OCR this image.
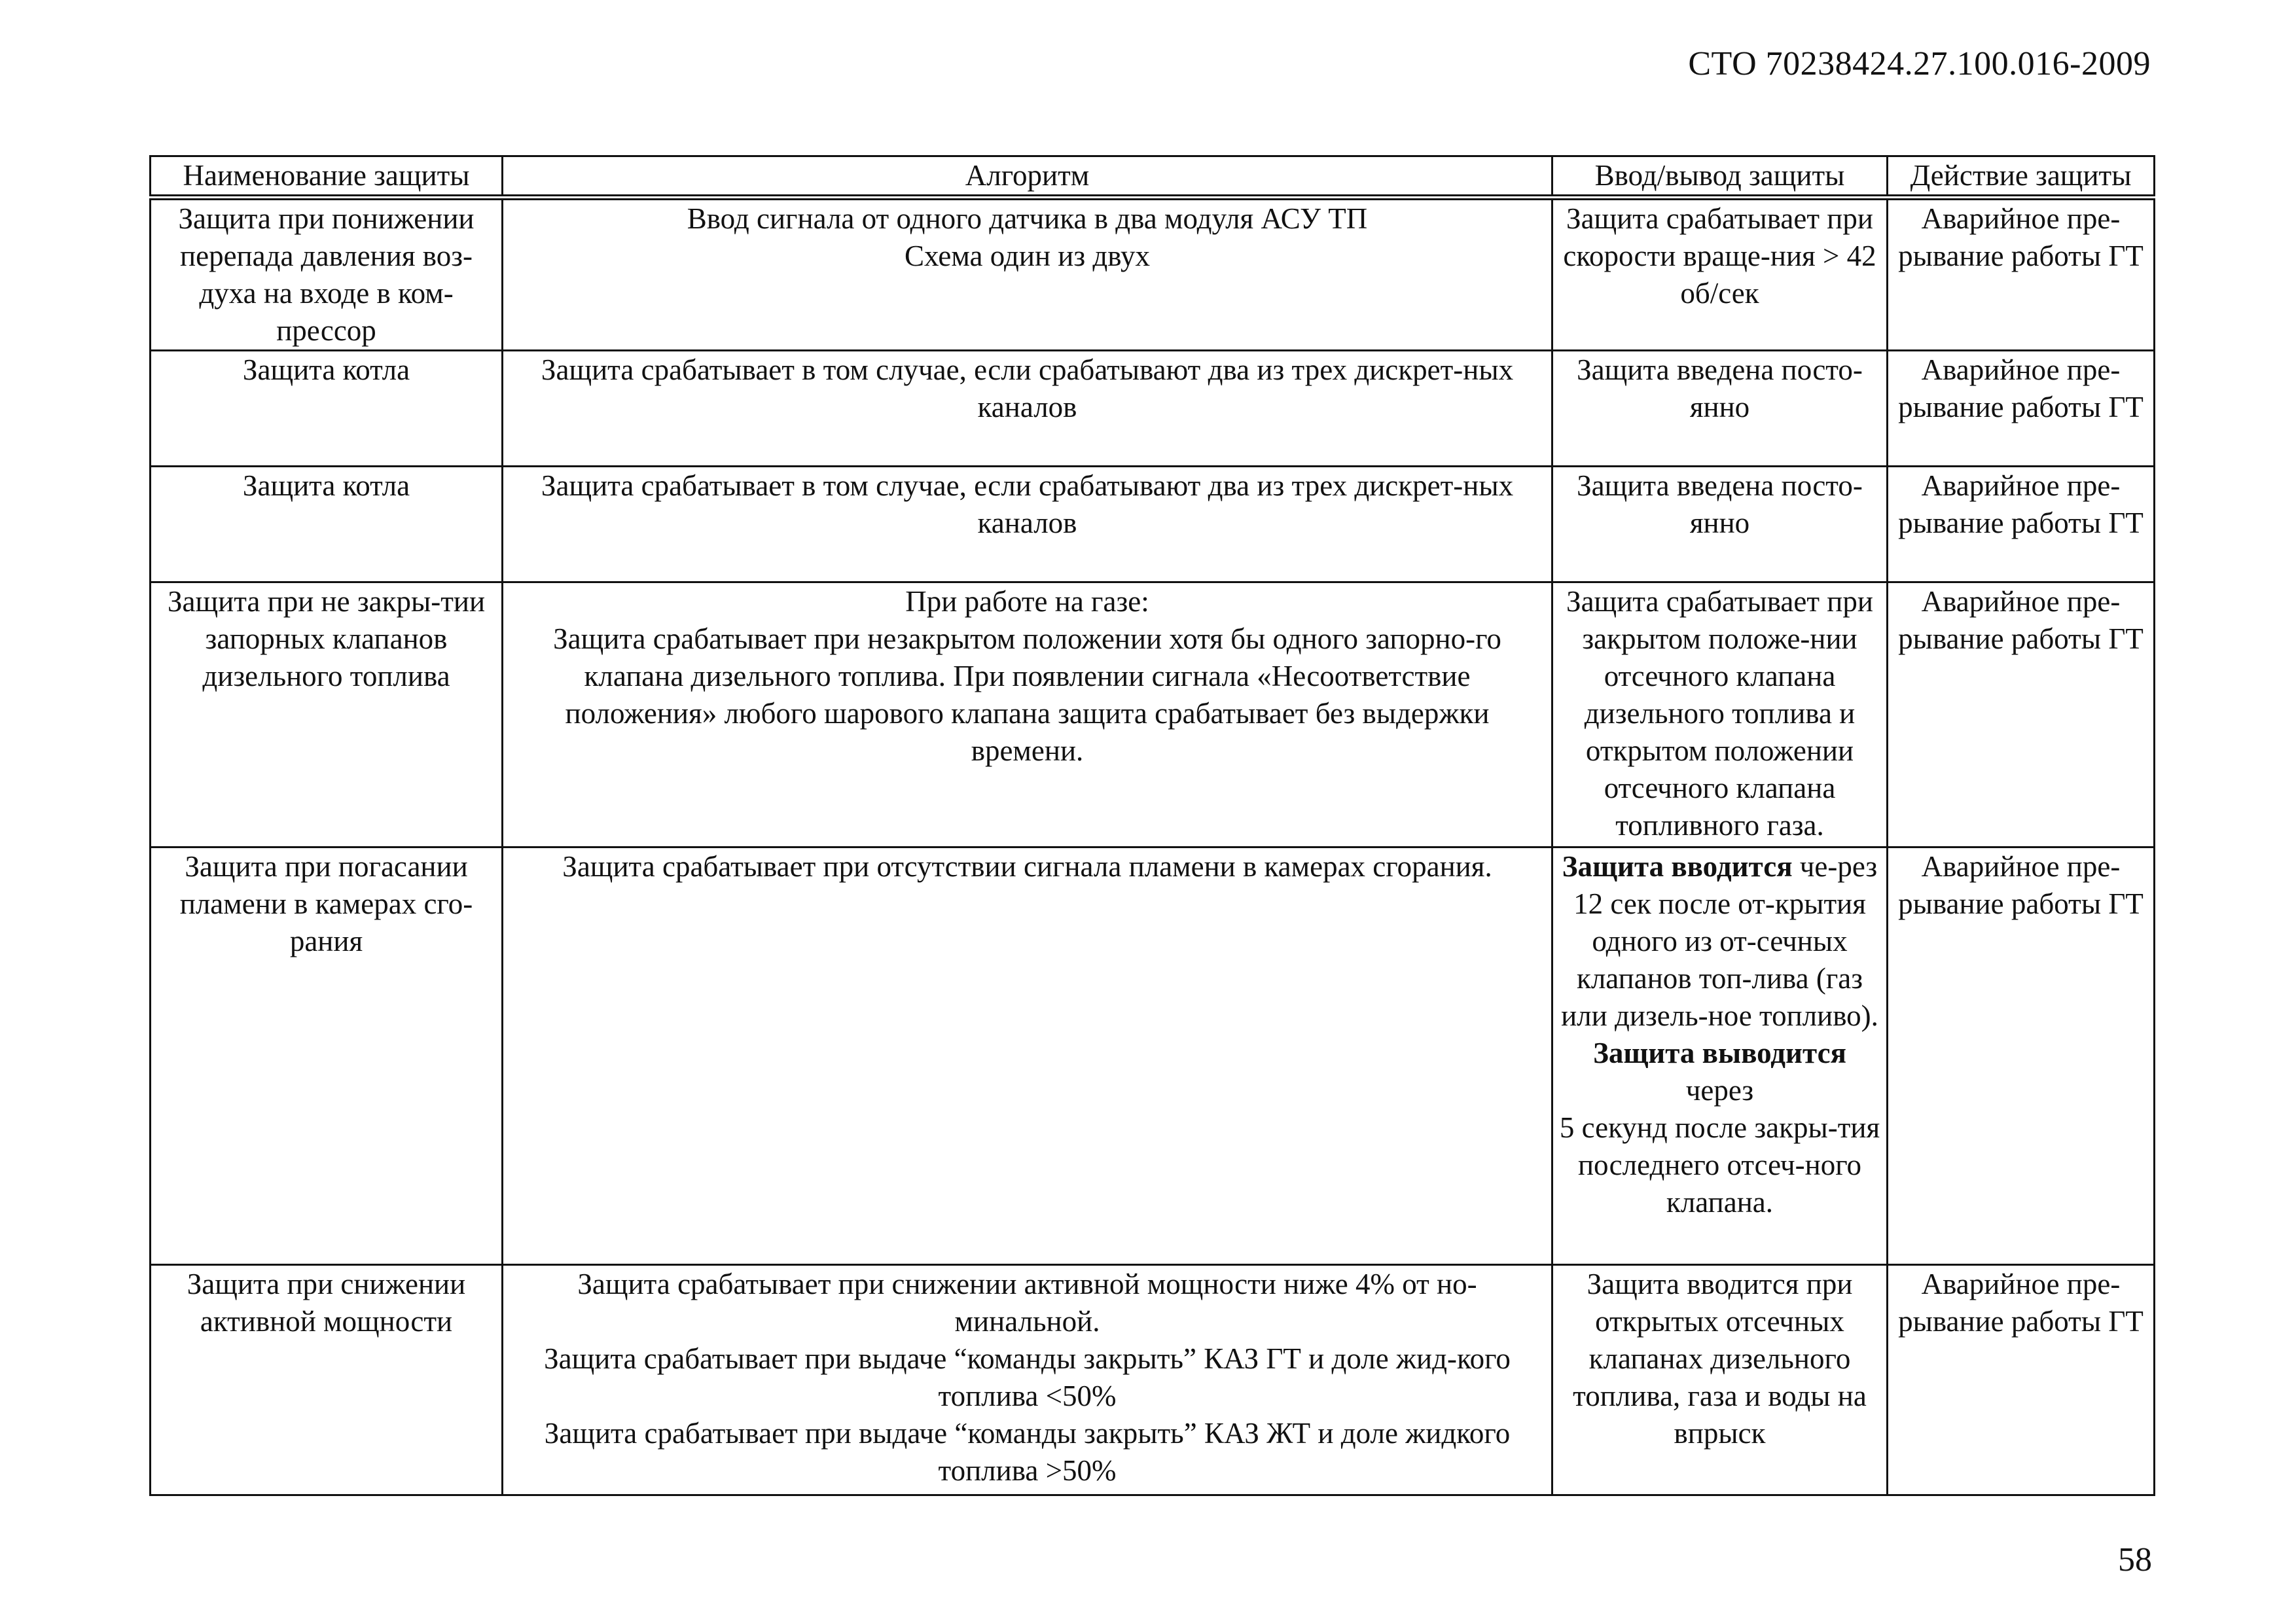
СТО 70238424.27.100.016-2009
Наименование защиты	Алгоритм	Ввод/вывод защиты	Действие защиты
Защита при понижении перепада давления воз-духа на входе в ком-прессор	Ввод сигнала от одного датчика в два модуля АСУ ТП
Схема один из двух	Защита срабатывает при скорости враще-ния > 42 об/сек	Аварийное пре-рывание работы ГТ
Защита котла	Защита срабатывает в том случае, если срабатывают два из трех дискрет-ных каналов	Защита введена посто-янно	Аварийное пре-рывание работы ГТ
Защита котла	Защита срабатывает в том случае, если срабатывают два из трех дискрет-ных каналов	Защита введена посто-янно	Аварийное пре-рывание работы ГТ
Защита при не закры-тии запорных клапанов дизельного топлива	При работе на газе:
Защита срабатывает при незакрытом положении хотя бы одного запорно-го клапана дизельного топлива. При появлении сигнала «Несоответствие положения» любого шарового клапана защита срабатывает без выдержки времени.	Защита срабатывает при закрытом положе-нии отсечного клапана дизельного топлива и открытом положении отсечного клапана топливного газа.	Аварийное пре-рывание работы ГТ
Защита при погасании пламени в камерах сго-рания	Защита срабатывает при отсутствии сигнала пламени в камерах сгорания.	Защита вводится че-рез 12 сек после от-крытия одного из от-сечных клапанов топ-лива (газ или дизель-ное топливо).
Защита выводится
через
5 секунд после закры-тия последнего отсеч-ного клапана.	Аварийное пре-рывание работы ГТ
Защита при снижении активной мощности	Защита срабатывает при снижении активной мощности ниже 4% от но-минальной.
Защита срабатывает при выдаче “команды закрыть” КАЗ ГТ и доле жид-кого топлива <50%
Защита срабатывает при выдаче “команды закрыть” КАЗ ЖТ и доле жидкого топлива >50%	Защита вводится при открытых отсечных клапанах дизельного топлива, газа и воды на впрыск	Аварийное пре-рывание работы ГТ
58
